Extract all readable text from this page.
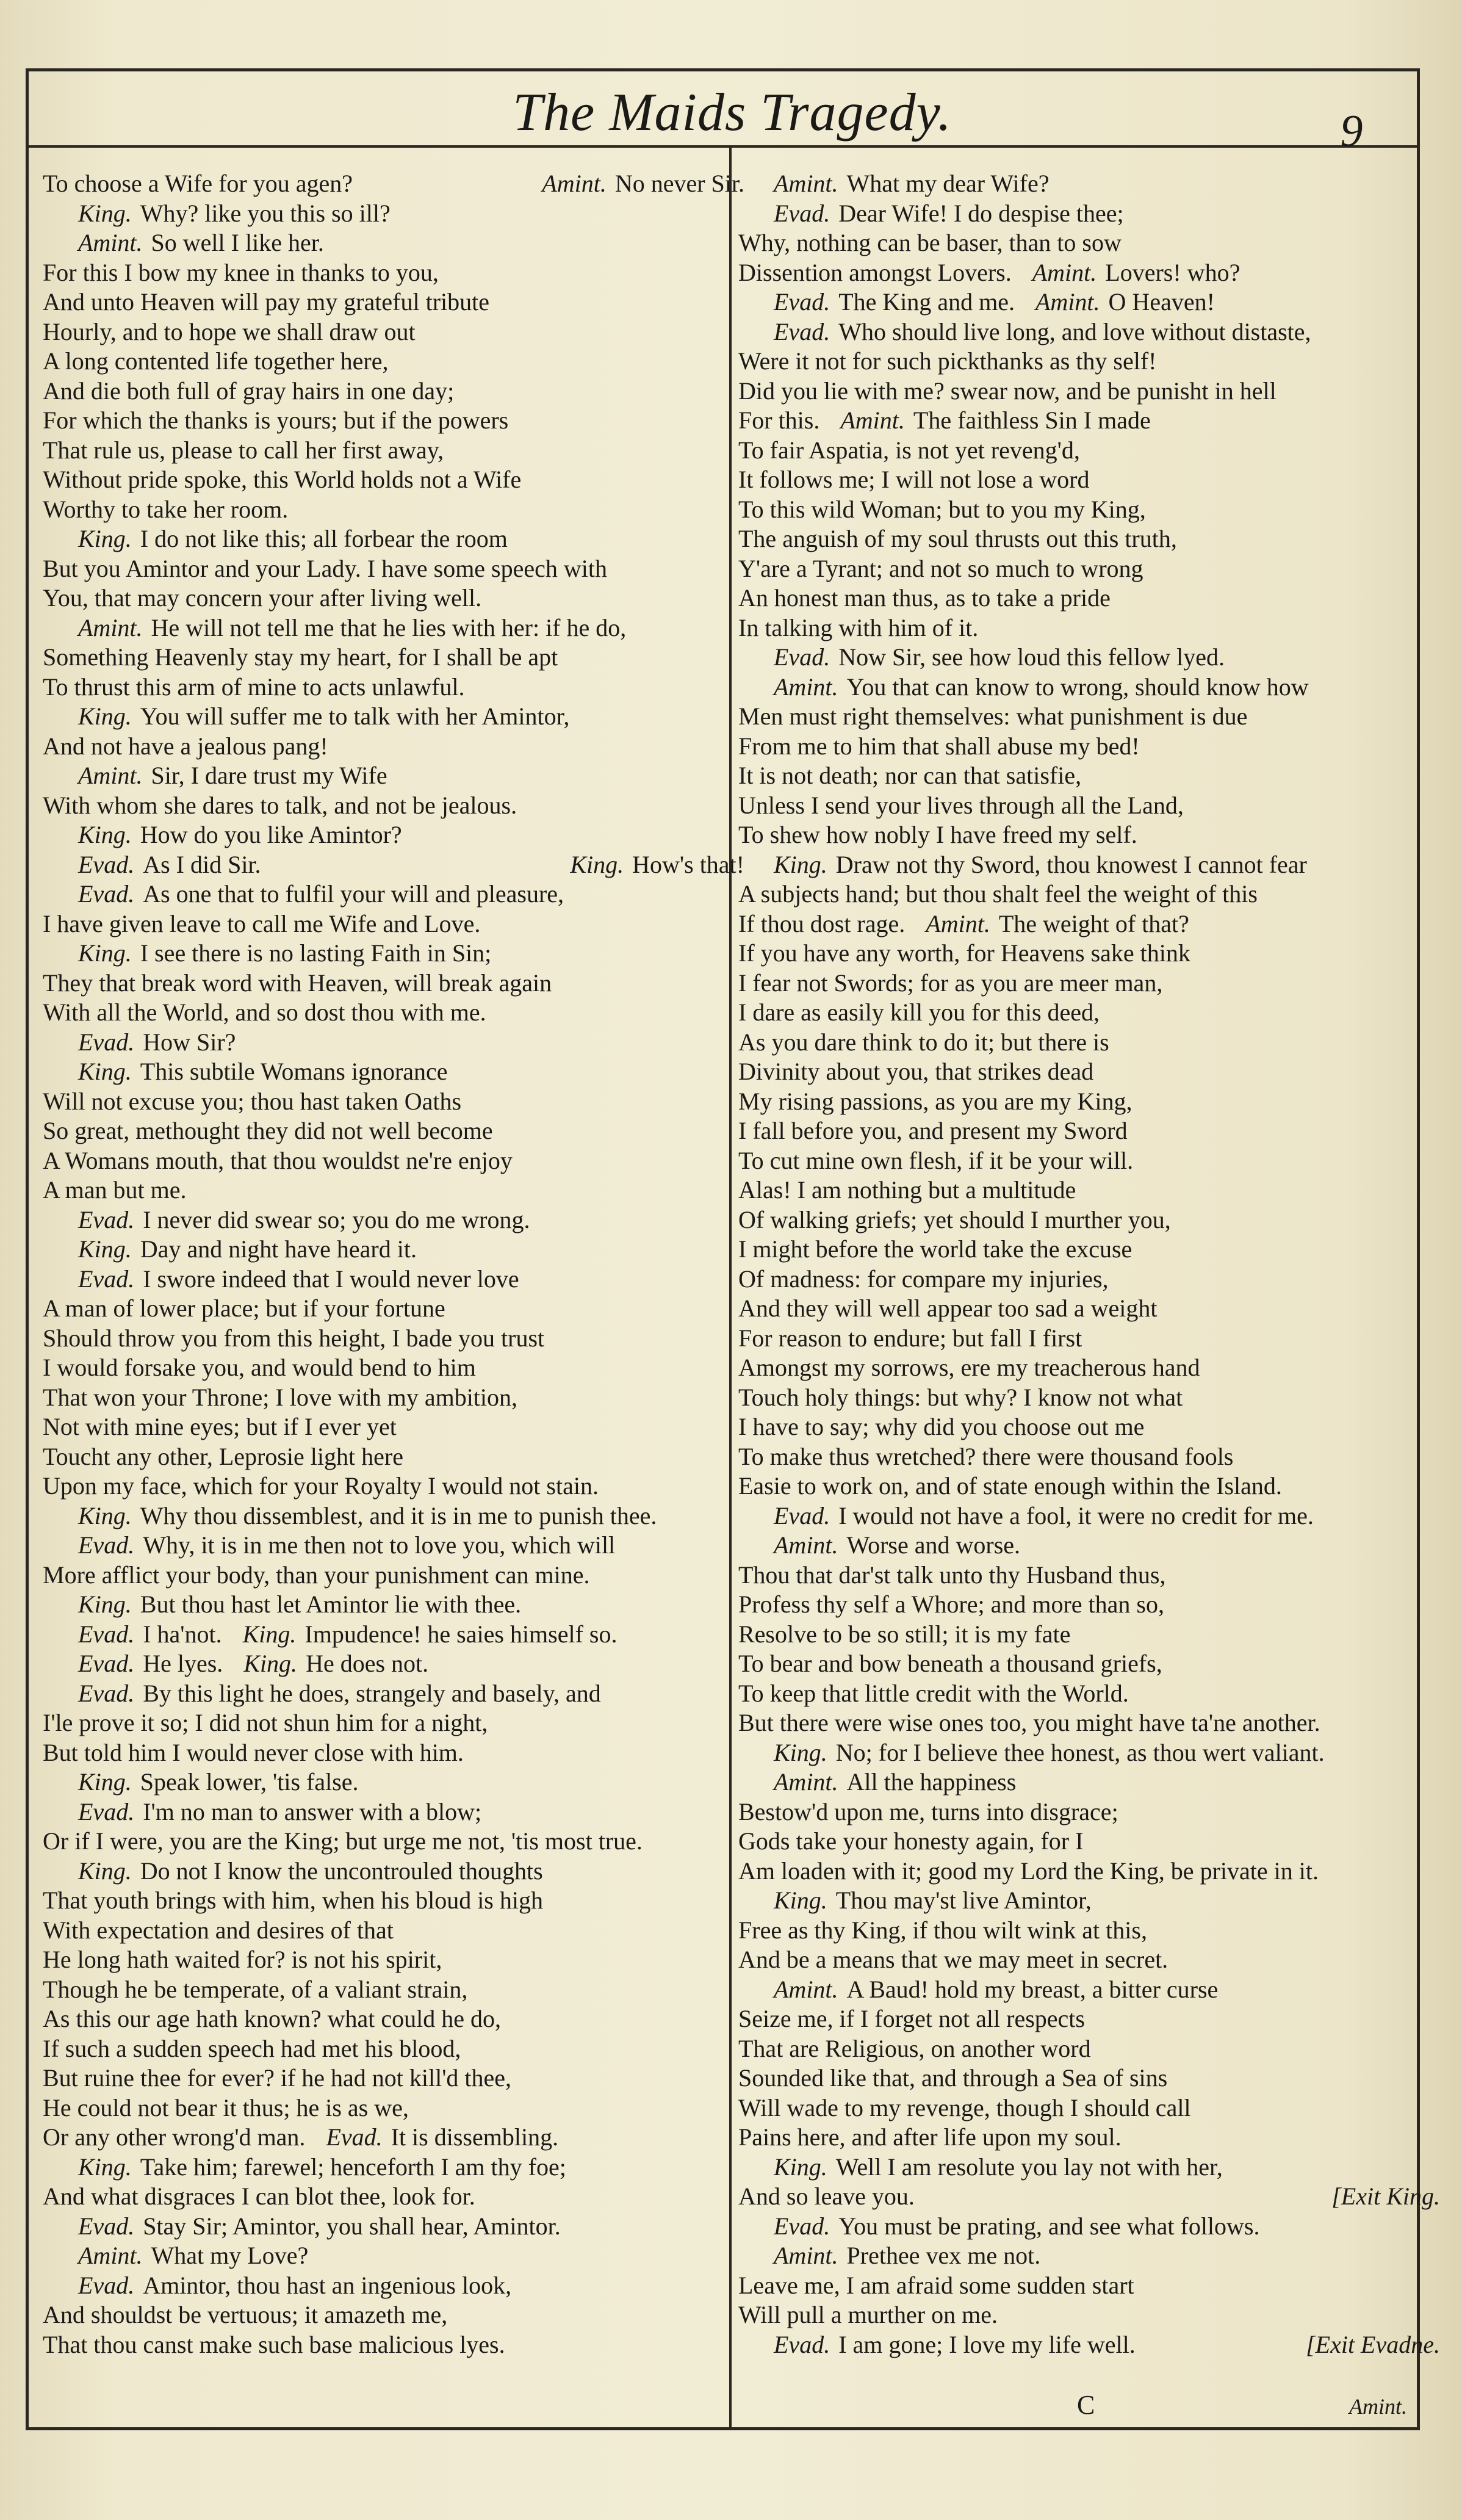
The Maids Tragedy.	9
To choose a Wife for you agen?	Amint. No never Sir.
King. Why? like you this so ill?
Amint. So well I like her.
For this I bow my knee in thanks to you,
And unto Heaven will pay my grateful tribute
Hourly, and to hope we shall draw out
A long contented life together here,
And die both full of gray hairs in one day;
For which the thanks is yours; but if the powers
That rule us, please to call her first away,
Without pride spoke, this World holds not a Wife
Worthy to take her room.
King. I do not like this; all forbear the room
But you Amintor and your Lady. I have some speech with
You, that may concern your after living well.
Amint. He will not tell me that he lies with her: if he do,
Something Heavenly stay my heart, for I shall be apt
To thrust this arm of mine to acts unlawful.
King. You will suffer me to talk with her Amintor,
And not have a jealous pang!
Amint. Sir, I dare trust my Wife
With whom she dares to talk, and not be jealous.
King. How do you like Amintor?
Evad. As I did Sir.	King. How's that!
Evad. As one that to fulfil your will and pleasure,
I have given leave to call me Wife and Love.
King. I see there is no lasting Faith in Sin;
They that break word with Heaven, will break again
With all the World, and so dost thou with me.
Evad. How Sir?
King. This subtile Womans ignorance
Will not excuse you; thou hast taken Oaths
So great, methought they did not well become
A Womans mouth, that thou wouldst ne're enjoy
A man but me.
Evad. I never did swear so; you do me wrong.
King. Day and night have heard it.
Evad. I swore indeed that I would never love
A man of lower place; but if your fortune
Should throw you from this height, I bade you trust
I would forsake you, and would bend to him
That won your Throne; I love with my ambition,
Not with mine eyes; but if I ever yet
Toucht any other, Leprosie light here
Upon my face, which for your Royalty I would not stain.
King. Why thou dissemblest, and it is in me to punish thee.
Evad. Why, it is in me then not to love you, which will
More afflict your body, than your punishment can mine.
King. But thou hast let Amintor lie with thee.
Evad. I ha'not. King. Impudence! he saies himself so.
Evad. He lyes. King. He does not.
Evad. By this light he does, strangely and basely, and
I'le prove it so; I did not shun him for a night,
But told him I would never close with him.
King. Speak lower, 'tis false.
Evad. I'm no man to answer with a blow;
Or if I were, you are the King; but urge me not, 'tis most true.
King. Do not I know the uncontrouled thoughts
That youth brings with him, when his bloud is high
With expectation and desires of that
He long hath waited for? is not his spirit,
Though he be temperate, of a valiant strain,
As this our age hath known? what could he do,
If such a sudden speech had met his blood,
But ruine thee for ever? if he had not kill'd thee,
He could not bear it thus; he is as we,
Or any other wrong'd man. Evad. It is dissembling.
King. Take him; farewel; henceforth I am thy foe;
And what disgraces I can blot thee, look for.
Evad. Stay Sir; Amintor, you shall hear, Amintor.
Amint. What my Love?
Evad. Amintor, thou hast an ingenious look,
And shouldst be vertuous; it amazeth me,
That thou canst make such base malicious lyes.
Amint. What my dear Wife?
Evad. Dear Wife! I do despise thee;
Why, nothing can be baser, than to sow
Dissention amongst Lovers. Amint. Lovers! who?
Evad. The King and me. Amint. O Heaven!
Evad. Who should live long, and love without distaste,
Were it not for such pickthanks as thy self!
Did you lie with me? swear now, and be punisht in hell
For this. Amint. The faithless Sin I made
To fair Aspatia, is not yet reveng'd,
It follows me; I will not lose a word
To this wild Woman; but to you my King,
The anguish of my soul thrusts out this truth,
Y'are a Tyrant; and not so much to wrong
An honest man thus, as to take a pride
In talking with him of it.
Evad. Now Sir, see how loud this fellow lyed.
Amint. You that can know to wrong, should know how
Men must right themselves: what punishment is due
From me to him that shall abuse my bed!
It is not death; nor can that satisfie,
Unless I send your lives through all the Land,
To shew how nobly I have freed my self.
King. Draw not thy Sword, thou knowest I cannot fear
A subjects hand; but thou shalt feel the weight of this
If thou dost rage. Amint. The weight of that?
If you have any worth, for Heavens sake think
I fear not Swords; for as you are meer man,
I dare as easily kill you for this deed,
As you dare think to do it; but there is
Divinity about you, that strikes dead
My rising passions, as you are my King,
I fall before you, and present my Sword
To cut mine own flesh, if it be your will.
Alas! I am nothing but a multitude
Of walking griefs; yet should I murther you,
I might before the world take the excuse
Of madness: for compare my injuries,
And they will well appear too sad a weight
For reason to endure; but fall I first
Amongst my sorrows, ere my treacherous hand
Touch holy things: but why? I know not what
I have to say; why did you choose out me
To make thus wretched? there were thousand fools
Easie to work on, and of state enough within the Island.
Evad. I would not have a fool, it were no credit for me.
Amint. Worse and worse.
Thou that dar'st talk unto thy Husband thus,
Profess thy self a Whore; and more than so,
Resolve to be so still; it is my fate
To bear and bow beneath a thousand griefs,
To keep that little credit with the World.
But there were wise ones too, you might have ta'ne another.
King. No; for I believe thee honest, as thou wert valiant.
Amint. All the happiness
Bestow'd upon me, turns into disgrace;
Gods take your honesty again, for I
Am loaden with it; good my Lord the King, be private in it.
King. Thou may'st live Amintor,
Free as thy King, if thou wilt wink at this,
And be a means that we may meet in secret.
Amint. A Baud! hold my breast, a bitter curse
Seize me, if I forget not all respects
That are Religious, on another word
Sounded like that, and through a Sea of sins
Will wade to my revenge, though I should call
Pains here, and after life upon my soul.
King. Well I am resolute you lay not with her,
And so leave you.	[Exit King.
Evad. You must be prating, and see what follows.
Amint. Prethee vex me not.
Leave me, I am afraid some sudden start
Will pull a murther on me.
Evad. I am gone; I love my life well.	[Exit Evadne.
C	Amint.
